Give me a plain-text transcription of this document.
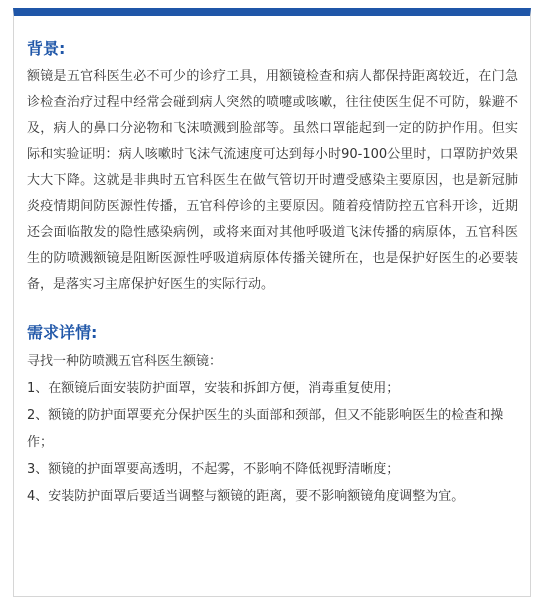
背景:

额镜是五官科医生必不可少的诊疗工具，用额镜检查和病人都保持距离较近，在门急诊检查治疗过程中经常会碰到病人突然的喷嚏或咳嗽，往往使医生促不可防，躲避不及，病人的鼻口分泌物和飞沫喷溅到脸部等。虽然口罩能起到一定的防护作用。但实际和实验证明：病人咳嗽时飞沫气流速度可达到每小时90-100公里时，口罩防护效果大大下降。这就是非典时五官科医生在做气管切开时遭受感染主要原因，也是新冠肺炎疫情期间防医源性传播，五官科停诊的主要原因。随着疫情防控五官科开诊，近期还会面临散发的隐性感染病例，或将来面对其他呼吸道飞沫传播的病原体，五官科医生的防喷溅额镜是阻断医源性呼吸道病原体传播关键所在，也是保护好医生的必要装备，是落实习主席保护好医生的实际行动。

需求详情:

寻找一种防喷溅五官科医生额镜：

1、在额镜后面安装防护面罩，安装和拆卸方便，消毒重复使用；

2、额镜的防护面罩要充分保护医生的头面部和颈部，但又不能影响医生的检查和操作；

3、额镜的护面罩要高透明，不起雾，不影响不降低视野清晰度；

4、安装防护面罩后要适当调整与额镜的距离，要不影响额镜角度调整为宜。
